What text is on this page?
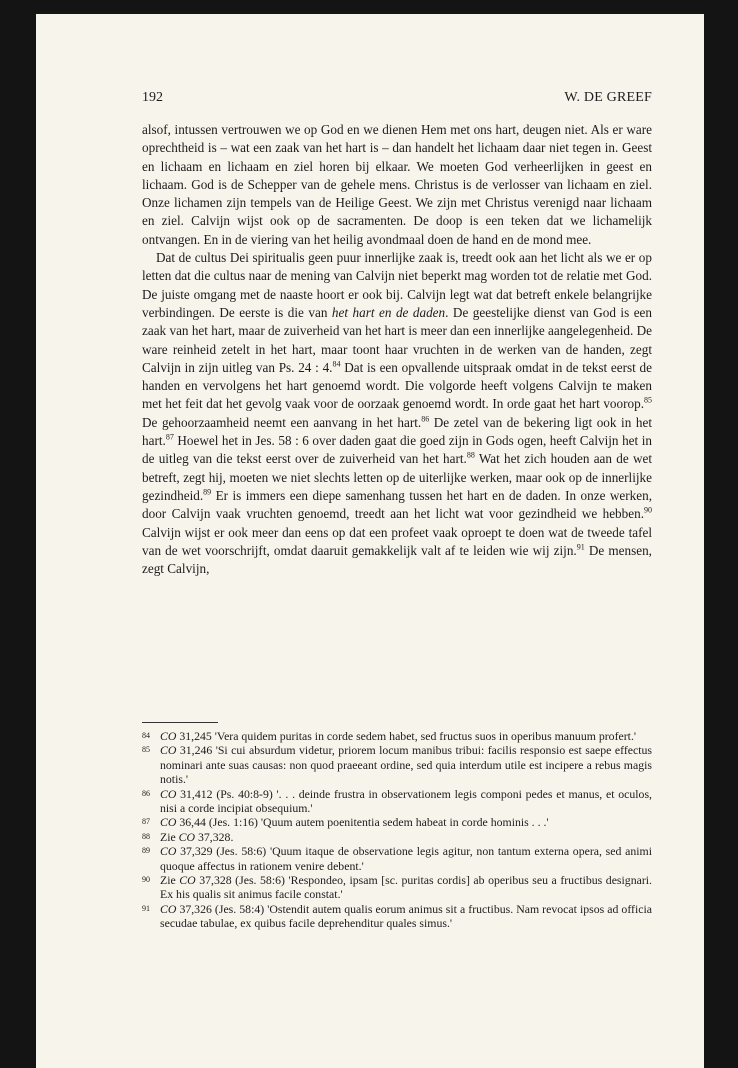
192	W. DE GREEF

alsof, intussen vertrouwen we op God en we dienen Hem met ons hart, deugen niet. Als er ware oprechtheid is – wat een zaak van het hart is – dan handelt het lichaam daar niet tegen in. Geest en lichaam en lichaam en ziel horen bij elkaar. We moeten God verheerlijken in geest en lichaam. God is de Schepper van de gehele mens. Christus is de verlosser van lichaam en ziel. Onze lichamen zijn tempels van de Heilige Geest. We zijn met Christus verenigd naar lichaam en ziel. Calvijn wijst ook op de sacramenten. De doop is een teken dat we lichamelijk ontvangen. En in de viering van het heilig avondmaal doen de hand en de mond mee.

Dat de cultus Dei spiritualis geen puur innerlijke zaak is, treedt ook aan het licht als we er op letten dat die cultus naar de mening van Calvijn niet beperkt mag worden tot de relatie met God. De juiste omgang met de naaste hoort er ook bij. Calvijn legt wat dat betreft enkele belangrijke verbindingen. De eerste is die van het hart en de daden. De geestelijke dienst van God is een zaak van het hart, maar de zuiverheid van het hart is meer dan een innerlijke aangelegenheid. De ware reinheid zetelt in het hart, maar toont haar vruchten in de werken van de handen, zegt Calvijn in zijn uitleg van Ps. 24 : 4.84 Dat is een opvallende uitspraak omdat in de tekst eerst de handen en vervolgens het hart genoemd wordt. Die volgorde heeft volgens Calvijn te maken met het feit dat het gevolg vaak voor de oorzaak genoemd wordt. In orde gaat het hart voorop.$^{85}$ De gehoorzaamheid neemt een aanvang in het hart.$^{86}$ De zetel van de bekering ligt ook in het hart.$^{87}$ Hoewel het in Jes. 58 : 6 over daden gaat die goed zijn in Gods ogen, heeft Calvijn het in de uitleg van die tekst eerst over de zuiverheid van het hart.$^{88}$ Wat het zich houden aan de wet betreft, zegt hij, moeten we niet slechts letten op de uiterlijke werken, maar ook op de innerlijke gezindheid.$^{89}$ Er is immers een diepe samenhang tussen het hart en de daden. In onze werken, door Calvijn vaak vruchten genoemd, treedt aan het licht wat voor gezindheid we hebben.$^{90}$ Calvijn wijst er ook meer dan eens op dat een profeet vaak oproept te doen wat de tweede tafel van de wet voorschrijft, omdat daaruit gemakkelijk valt af te leiden wie wij zijn.$^{91}$ De mensen, zegt Calvijn,

84 CO 31,245 'Vera quidem puritas in corde sedem habet, sed fructus suos in operibus manuum profert.'
85 CO 31,246 'Si cui absurdum videtur, priorem locum manibus tribui: facilis responsio est saepe effectus nominari ante suas causas: non quod praeeant ordine, sed quia interdum utile est incipere a rebus magis notis.'
86 CO 31,412 (Ps. 40:8-9) '. . . deinde frustra in observationem legis componi pedes et manus, et oculos, nisi a corde incipiat obsequium.'
87 CO 36,44 (Jes. 1:16) 'Quum autem poenitentia sedem habeat in corde hominis . . .'
88 Zie CO 37,328.
89 CO 37,329 (Jes. 58:6) 'Quum itaque de observatione legis agitur, non tantum externa opera, sed animi quoque affectus in rationem venire debent.'
90 Zie CO 37,328 (Jes. 58:6) 'Respondeo, ipsam [sc. puritas cordis] ab operibus seu a fructibus designari. Ex his qualis sit animus facile constat.'
91 CO 37,326 (Jes. 58:4) 'Ostendit autem qualis eorum animus sit a fructibus. Nam revocat ipsos ad officia secudae tabulae, ex quibus facile deprehenditur quales simus.'
